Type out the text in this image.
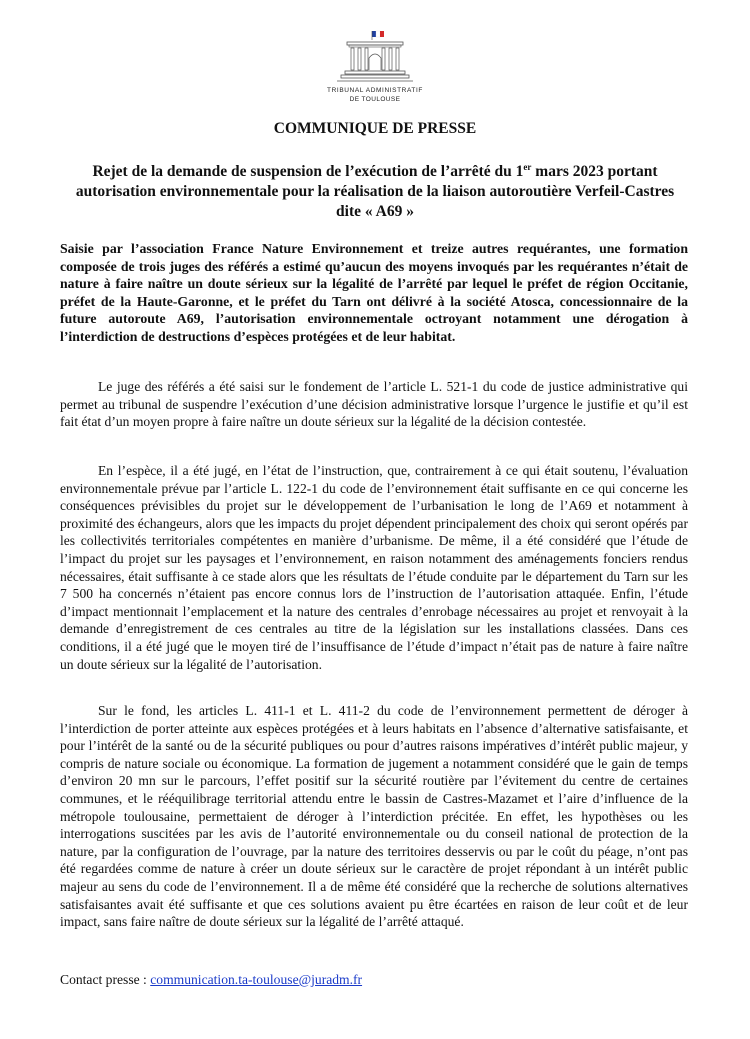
TRIBUNAL ADMINISTRATIF
DE TOULOUSE
COMMUNIQUE DE PRESSE
Rejet de la demande de suspension de l’exécution de l’arrêté du 1er mars 2023 portant autorisation environnementale pour la réalisation de la liaison autoroutière Verfeil-Castres dite « A69 »
Saisie par l’association France Nature Environnement et treize autres requérantes, une formation composée de trois juges des référés a estimé qu’aucun des moyens invoqués par les requérantes n’était de nature à faire naître un doute sérieux sur la légalité de l’arrêté par lequel le préfet de région Occitanie, préfet de la Haute-Garonne, et le préfet du Tarn ont délivré à la société Atosca, concessionnaire de la future autoroute A69, l’autorisation environnementale octroyant notamment une dérogation à l’interdiction de destructions d’espèces protégées et de leur habitat.
Le juge des référés a été saisi sur le fondement de l’article L. 521-1 du code de justice administrative qui permet au tribunal de suspendre l’exécution d’une décision administrative lorsque l’urgence le justifie et qu’il est fait état d’un moyen propre à faire naître un doute sérieux sur la légalité de la décision contestée.
En l’espèce, il a été jugé, en l’état de l’instruction, que, contrairement à ce qui était soutenu, l’évaluation environnementale prévue par l’article L. 122-1 du code de l’environnement était suffisante en ce qui concerne les conséquences prévisibles du projet sur le développement de l’urbanisation le long de l’A69 et notamment à proximité des échangeurs, alors que les impacts du projet dépendent principalement des choix qui seront opérés par les collectivités territoriales compétentes en manière d’urbanisme. De même, il a été considéré que l’étude de l’impact du projet sur les paysages et l’environnement, en raison notamment des aménagements fonciers rendus nécessaires, était suffisante à ce stade alors que les résultats de l’étude conduite par le département du Tarn sur les 7 500 ha concernés n’étaient pas encore connus lors de l’instruction de l’autorisation attaquée. Enfin, l’étude d’impact mentionnait l’emplacement et la nature des centrales d’enrobage nécessaires au projet et renvoyait à la demande d’enregistrement de ces centrales au titre de la législation sur les installations classées. Dans ces conditions, il a été jugé que le moyen tiré de l’insuffisance de l’étude d’impact n’était pas de nature à faire naître un doute sérieux sur la légalité de l’autorisation.
Sur le fond, les articles L. 411-1 et L. 411-2 du code de l’environnement permettent de déroger à l’interdiction de porter atteinte aux espèces protégées et à leurs habitats en l’absence d’alternative satisfaisante, et pour l’intérêt de la santé ou de la sécurité publiques ou pour d’autres raisons impératives d’intérêt public majeur, y compris de nature sociale ou économique. La formation de jugement a notamment considéré que le gain de temps d’environ 20 mn sur le parcours, l’effet positif sur la sécurité routière par l’évitement du centre de certaines communes, et le rééquilibrage territorial attendu entre le bassin de Castres-Mazamet et l’aire d’influence de la métropole toulousaine, permettaient de déroger à l’interdiction précitée. En effet, les hypothèses ou les interrogations suscitées par les avis de l’autorité environnementale ou du conseil national de protection de la nature, par la configuration de l’ouvrage, par la nature des territoires desservis ou par le coût du péage, n’ont pas été regardées comme de nature à créer un doute sérieux sur le caractère de projet répondant à un intérêt public majeur au sens du code de l’environnement. Il a de même été considéré que la recherche de solutions alternatives satisfaisantes avait été suffisante et que ces solutions avaient pu être écartées en raison de leur coût et de leur impact, sans faire naître de doute sérieux sur la légalité de l’arrêté attaqué.
Contact presse : communication.ta-toulouse@juradm.fr
